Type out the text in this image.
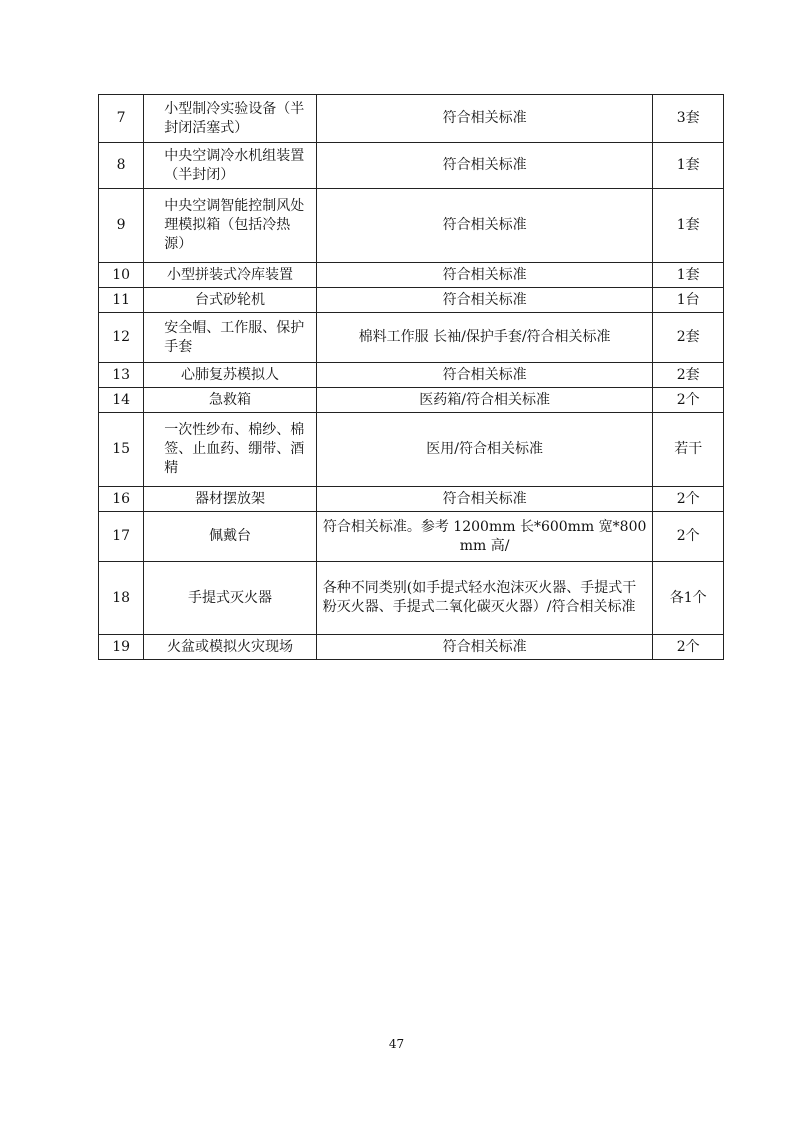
7	小型制冷实验设备（半封闭活塞式）	符合相关标准	3套
8	中央空调冷水机组装置（半封闭）	符合相关标准	1套
9	中央空调智能控制风处理模拟箱（包括冷热源）	符合相关标准	1套
10	小型拼装式冷库装置	符合相关标准	1套
11	台式砂轮机	符合相关标准	1台
12	安全帽、工作服、保护手套	棉料工作服 长袖/保护手套/符合相关标准	2套
13	心肺复苏模拟人	符合相关标准	2套
14	急救箱	医药箱/符合相关标准	2个
15	一次性纱布、棉纱、棉签、止血药、绷带、酒精	医用/符合相关标准	若干
16	器材摆放架	符合相关标准	2个
17	佩戴台	符合相关标准。参考 1200mm 长*600mm 宽*800mm 高/	2个
18	手提式灭火器	各种不同类别(如手提式轻水泡沫灭火器、手提式干粉灭火器、手提式二氧化碳灭火器）/符合相关标准	各1个
19	火盆或模拟火灾现场	符合相关标准	2个
47
